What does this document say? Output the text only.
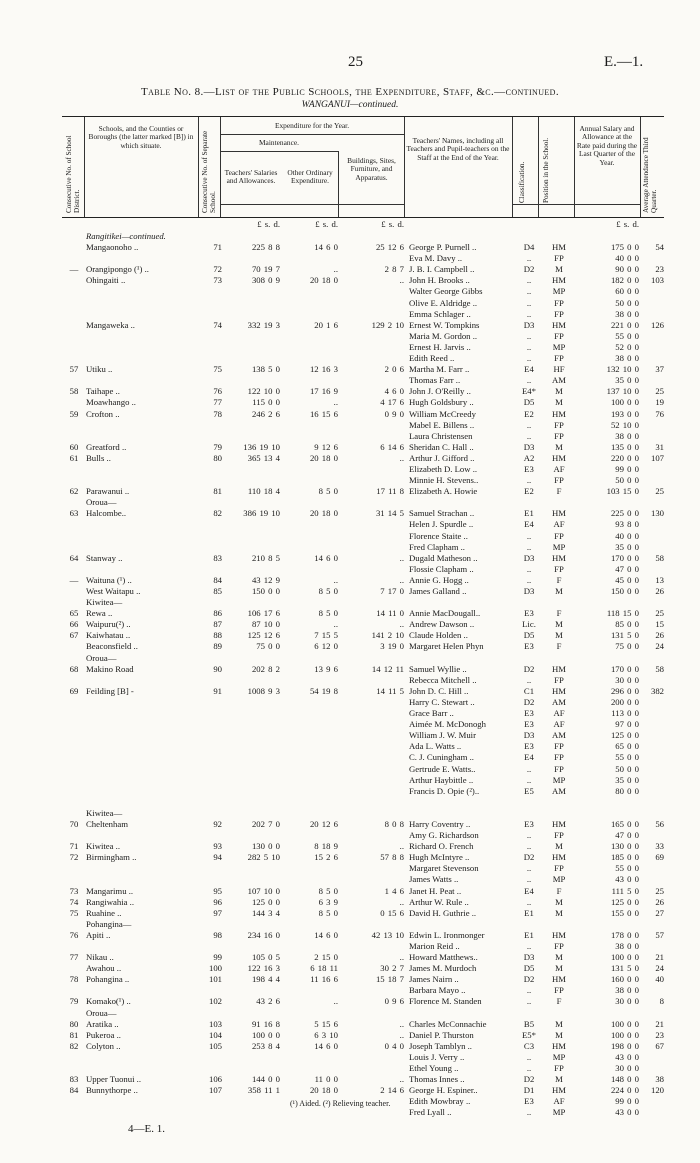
25	E.—1.
Table No. 8.—List of the Public Schools, the Expenditure, Staff, &c.—continued.
WANGANUI—continued.
Consecutive No. of School District.
Schools, and the Counties or Boroughs (the latter marked [B]) in which situate.	Consecutive No. of Separate School.
Expenditure for the Year.
Maintenance.
Teachers' Salaries and Allowances.
Other Ordinary Expenditure.
Buildings, Sites, Furniture, and Apparatus.
Teachers' Names, including all Teachers and Pupil-teachers on the Staff at the End of the Year.
Classification. Position in the School.
Annual Salary and Allowance at the Rate paid during the Last Quarter of the Year.	Average Attendance Third Quarter.
£ s. d.	£ s. d.	£ s. d.	£ s. d.
Rangitikei—continued.
Mangaonoho ..	71	225 8 8	14 6 0	25 12 6 George P. Purnell ..	D4	HM	175 0 0	54
Eva M. Davy ..	..	FP	40 0 0
— Orangipongo (¹) ..	72	70 19 7	..	2 8 7 J. B. I. Campbell ..	D2	M	90 0 0	23
Ohingaiti ..	73	308 0 9	20 18 0	.. John H. Brooks ..	..	HM	182 0 0	103
Walter George Gibbs	..	MP	60 0 0
Olive E. Aldridge ..	..	FP	50 0 0
Emma Schlager ..	..	FP	38 0 0
Mangaweka ..	74	332 19 3	20 1 6	129 2 10 Ernest W. Tompkins	D3	HM	221 0 0	126
Maria M. Gordon ..	..	FP	55 0 0
Ernest H. Jarvis ..	..	MP	52 0 0
Edith Reed ..	..	FP	38 0 0
57 Utiku ..	75	138 5 0	12 16 3	2 0 6 Martha M. Farr ..	E4	HF	132 10 0	37
Thomas Farr ..	..	AM	35 0 0
58 Taihape ..	76	122 10 0	17 16 9	4 6 0 John J. O'Reilly ..	E4*	M	137 10 0	25
Moawhango ..	77	115 0 0	..	4 17 6 Hugh Goldsbury ..	D5	M	100 0 0	19
59 Crofton ..	78	246 2 6	16 15 6	0 9 0 William McCreedy	E2	HM	193 0 0	76
Mabel E. Billens ..	..	FP	52 10 0
Laura Christensen	..	FP	38 0 0
60 Greatford ..	79	136 19 10	9 12 6	6 14 6 Sheridan C. Hall ..	D3	M	135 0 0	31
61 Bulls ..	80	365 13 4	20 18 0	.. Arthur J. Gifford ..	A2	HM	220 0 0	107
Elizabeth D. Low ..	E3	AF	99 0 0
Minnie H. Stevens..	..	FP	50 0 0
62 Parawanui ..	81	110 18 4	8 5 0	17 11 8 Elizabeth A. Howie	E2	F	103 15 0	25
Oroua—
63 Halcombe..	82	386 19 10	20 18 0	31 14 5 Samuel Strachan ..	E1	HM	225 0 0	130
Helen J. Spurdle ..	E4	AF	93 8 0
Florence Staite ..	..	FP	40 0 0
Fred Clapham ..	..	MP	35 0 0
64 Stanway ..	83	210 8 5	14 6 0	.. Dugald Matheson ..	D3	HM	170 0 0	58
Flossie Clapham ..	..	FP	47 0 0
— Waituna (¹) ..	84	43 12 9	..	.. Annie G. Hogg ..	..	F	45 0 0	13
West Waitapu ..	85	150 0 0	8 5 0	7 17 0 James Galland ..	D3	M	150 0 0	26
Kiwitea—
65 Rewa ..	86	106 17 6	8 5 0	14 11 0 Annie MacDougall..	E3	F	118 15 0	25
66 Waipuru(²) ..	87	87 10 0	..	.. Andrew Dawson ..	Lic.	M	85 0 0	15
67 Kaiwhatau ..	88	125 12 6	7 15 5	141 2 10 Claude Holden ..	D5	M	131 5 0	26
Beaconsfield ..	89	75 0 0	6 12 0	3 19 0 Margaret Helen Phyn	E3	F	75 0 0	24
Oroua—
68 Makino Road	90	202 8 2	13 9 6	14 12 11 Samuel Wyllie ..	D2	HM	170 0 0	58
Rebecca Mitchell ..	..	FP	30 0 0
69 Feilding [B] -	91	1008 9 3	54 19 8	14 11 5 John D. C. Hill ..	C1	HM	296 0 0	382
Harry C. Stewart ..	D2	AM	200 0 0
Grace Barr ..	E3	AF	113 0 0
Aimée M. McDonogh	E3	AF	97 0 0
William J. W. Muir	D3	AM	125 0 0
Ada L. Watts ..	E3	FP	65 0 0
C. J. Cuningham ..	E4	FP	55 0 0
Gertrude E. Watts..	..	FP	50 0 0
Arthur Haybittle ..	..	MP	35 0 0
Francis D. Opie (²)..	E5	AM	80 0 0
Kiwitea—
70 Cheltenham	92	202 7 0	20 12 6	8 0 8 Harry Coventry ..	E3	HM	165 0 0	56
Amy G. Richardson	..	FP	47 0 0
71 Kiwitea ..	93	130 0 0	8 18 9	.. Richard O. French	..	M	130 0 0	33
72 Birmingham ..	94	282 5 10	15 2 6	57 8 8 Hugh McIntyre ..	D2	HM	185 0 0	69
Margaret Stevenson	..	FP	55 0 0
James Watts ..	..	MP	43 0 0
73 Mangarimu ..	95	107 10 0	8 5 0	1 4 6 Janet H. Peat ..	E4	F	111 5 0	25
74 Rangiwahia ..	96	125 0 0	6 3 9	.. Arthur W. Rule ..	..	M	125 0 0	26
75 Ruahine ..	97	144 3 4	8 5 0	0 15 6 David H. Guthrie ..	E1	M	155 0 0	27
Pohangina—
76 Apiti ..	98	234 16 0	14 6 0	42 13 10 Edwin L. Ironmonger	E1	HM	178 0 0	57
Marion Reid ..	..	FP	38 0 0
77 Nikau ..	99	105 0 5	2 15 0	.. Howard Matthews..	D3	M	100 0 0	21
Awahou ..	100	122 16 3	6 18 11	30 2 7 James M. Murdoch	D5	M	131 5 0	24
78 Pohangina ..	101	198 4 4	11 16 6	15 18 7 James Nairn ..	D2	HM	160 0 0	40
Barbara Mayo ..	..	FP	38 0 0
79 Komako(¹) ..	102	43 2 6	..	0 9 6 Florence M. Standen	..	F	30 0 0	8
Oroua—
80 Aratika ..	103	91 16 8	5 15 6	.. Charles McConnachie	B5	M	100 0 0	21
81 Pukeroa ..	104	100 0 0	6 3 10	.. Daniel P. Thurston	E5*	M	100 0 0	23
82 Colyton ..	105	253 8 4	14 6 0	0 4 0 Joseph Tamblyn ..	C3	HM	198 0 0	67
Louis J. Verry ..	..	MP	43 0 0
Ethel Young ..	..	FP	30 0 0
83 Upper Tuonui ..	106	144 0 0	11 0 0	.. Thomas Innes ..	D2	M	148 0 0	38
84 Bunnythorpe ..	107	358 11 1	20 18 0	2 14 6 George H. Espiner..	D1	HM	224 0 0	120
Edith Mowbray ..	E3	AF	99 0 0
Fred Lyall ..	..	MP	43 0 0
(¹) Aided. (²) Relieving teacher.
4—E. 1.
